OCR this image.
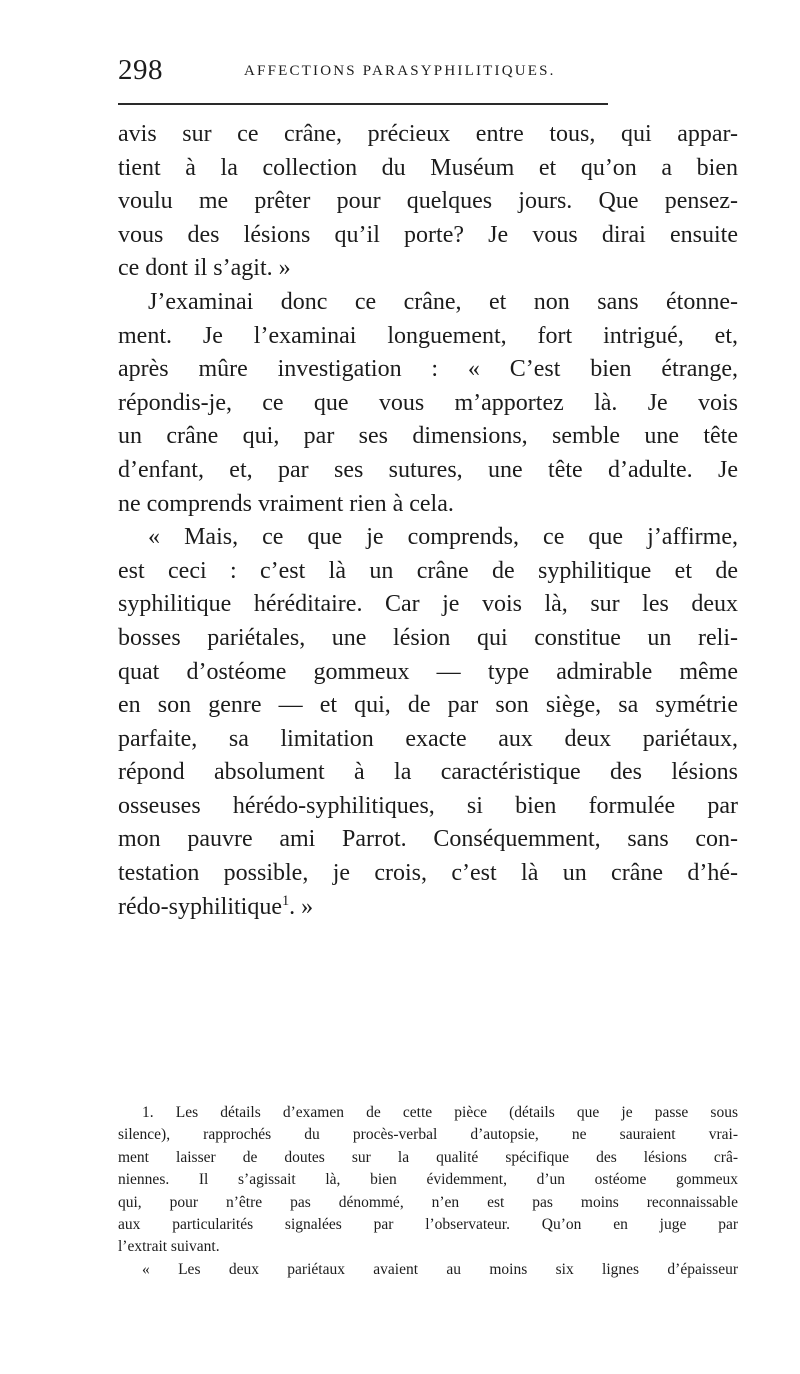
298	AFFECTIONS PARASYPHILITIQUES.
avis sur ce crâne, précieux entre tous, qui appar-
tient à la collection du Muséum et qu’on a bien
voulu me prêter pour quelques jours. Que pensez-
vous des lésions qu’il porte? Je vous dirai ensuite
ce dont il s’agit. »
J’examinai donc ce crâne, et non sans étonne-
ment. Je l’examinai longuement, fort intrigué, et,
après mûre investigation : « C’est bien étrange,
répondis-je, ce que vous m’apportez là. Je vois
un crâne qui, par ses dimensions, semble une tête
d’enfant, et, par ses sutures, une tête d’adulte. Je
ne comprends vraiment rien à cela.
« Mais, ce que je comprends, ce que j’affirme,
est ceci : c’est là un crâne de syphilitique et de
syphilitique héréditaire. Car je vois là, sur les deux
bosses pariétales, une lésion qui constitue un reli-
quat d’ostéome gommeux — type admirable même
en son genre — et qui, de par son siège, sa symétrie
parfaite, sa limitation exacte aux deux pariétaux,
répond absolument à la caractéristique des lésions
osseuses hérédo-syphilitiques, si bien formulée par
mon pauvre ami Parrot. Conséquemment, sans con-
testation possible, je crois, c’est là un crâne d’hé-
rédo-syphilitique$^1$. »
1. Les détails d’examen de cette pièce (détails que je passe sous
silence), rapprochés du procès-verbal d’autopsie, ne sauraient vrai-
ment laisser de doutes sur la qualité spécifique des lésions crâ-
niennes. Il s’agissait là, bien évidemment, d’un ostéome gommeux
qui, pour n’être pas dénommé, n’en est pas moins reconnaissable
aux particularités signalées par l’observateur. Qu’on en juge par
l’extrait suivant.
« Les deux pariétaux avaient au moins six lignes d’épaisseur
